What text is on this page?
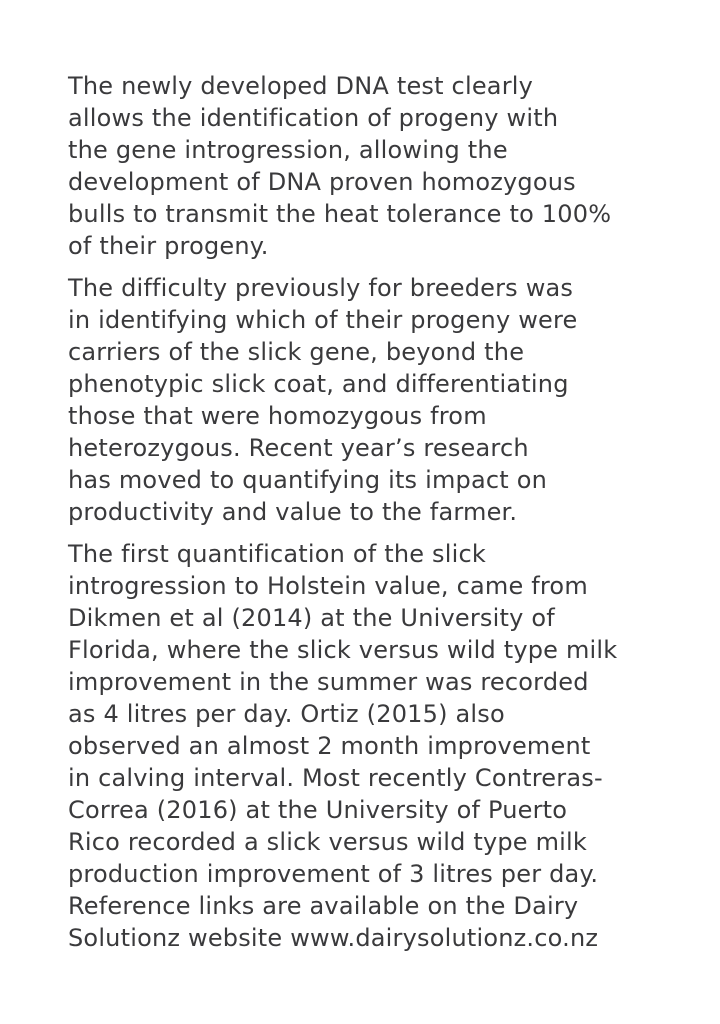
The newly developed DNA test clearly
allows the identification of progeny with
the gene introgression, allowing the
development of DNA proven homozygous
bulls to transmit the heat tolerance to 100%
of their progeny.

The difficulty previously for breeders was
in identifying which of their progeny were
carriers of the slick gene, beyond the
phenotypic slick coat, and differentiating
those that were homozygous from
heterozygous. Recent year’s research
has moved to quantifying its impact on
productivity and value to the farmer.

The first quantification of the slick
introgression to Holstein value, came from
Dikmen et al (2014) at the University of
Florida, where the slick versus wild type milk
improvement in the summer was recorded
as 4 litres per day. Ortiz (2015) also
observed an almost 2 month improvement
in calving interval. Most recently Contreras-
Correa (2016) at the University of Puerto
Rico recorded a slick versus wild type milk
production improvement of 3 litres per day.
Reference links are available on the Dairy
Solutionz website www.dairysolutionz.co.nz
